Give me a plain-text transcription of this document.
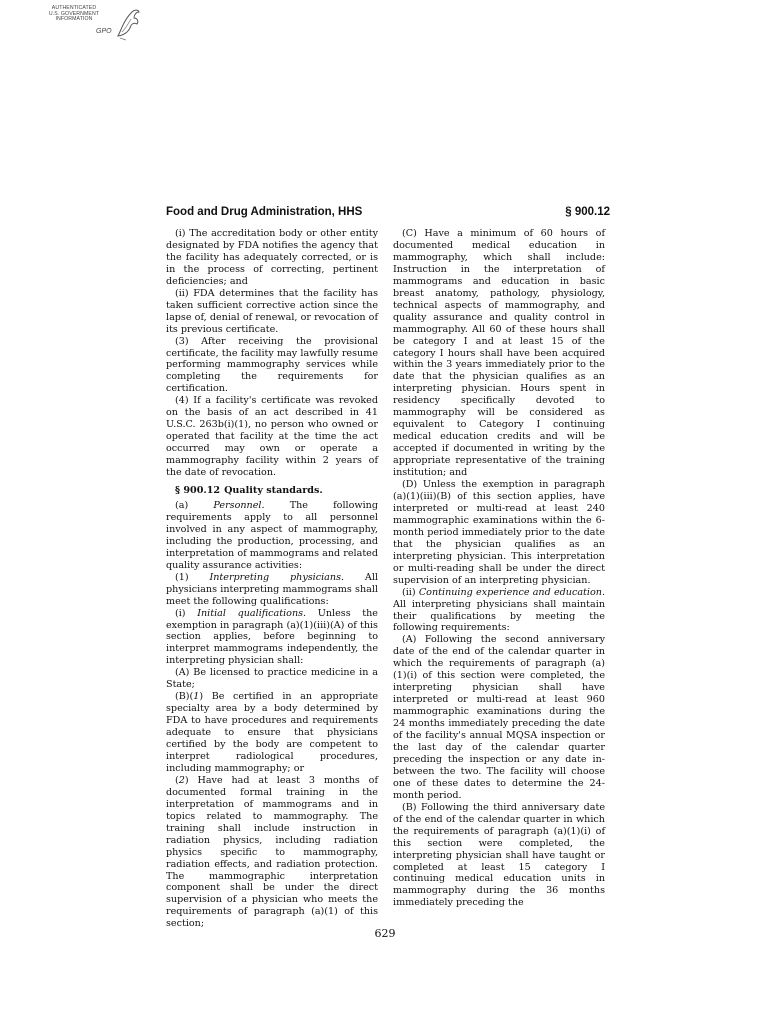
AUTHENTICATED
U.S. GOVERNMENT
INFORMATION
GPO
Food and Drug Administration, HHS	§ 900.12

(i) The accreditation body or other entity designated by FDA notifies the agency that the facility has adequately corrected, or is in the process of correcting, pertinent deficiencies; and

(ii) FDA determines that the facility has taken sufficient corrective action since the lapse of, denial of renewal, or revocation of its previous certificate.

(3) After receiving the provisional certificate, the facility may lawfully resume performing mammography services while completing the requirements for certification.

(4) If a facility's certificate was revoked on the basis of an act described in 41 U.S.C. 263b(i)(1), no person who owned or operated that facility at the time the act occurred may own or operate a mammography facility within 2 years of the date of revocation.

§ 900.12 Quality standards.

(a)	Personnel.	The following requirements apply to all personnel involved in any aspect of mammography, including the production, processing, and interpretation of mammograms and related quality assurance activities:

(1) Interpreting physicians. All physicians interpreting mammograms shall meet the following qualifications:

(i) Initial qualifications. Unless the exemption in paragraph (a)(1)(iii)(A) of this section applies, before beginning to interpret mammograms independently, the interpreting physician shall:

(A) Be licensed to practice medicine in a State;

(B)(1) Be certified in an appropriate specialty area by a body determined by FDA to have procedures and requirements adequate to ensure that physicians certified by the body are competent to interpret radiological procedures, including mammography; or

(2) Have had at least 3 months of documented formal training in the interpretation of mammograms and in topics related to mammography. The training shall include instruction in radiation physics, including radiation physics specific to mammography, radiation effects, and radiation protection. The mammographic interpretation component shall be under the direct supervision of a physician who meets the requirements of paragraph (a)(1) of this section;

(C) Have a minimum of 60 hours of documented medical education in mammography, which shall include: Instruction in the interpretation of mammograms and education in basic breast anatomy, pathology, physiology, technical aspects of mammography, and quality assurance and quality control in mammography. All 60 of these hours shall be category I and at least 15 of the category I hours shall have been acquired within the 3 years immediately prior to the date that the physician qualifies as an interpreting physician. Hours spent in residency specifically devoted to mammography will be considered as equivalent to Category I continuing medical education credits and will be accepted if documented in writing by the appropriate representative of the training institution; and

(D) Unless the exemption in paragraph (a)(1)(iii)(B) of this section applies, have interpreted or multi-read at least 240 mammographic examinations within the 6-month period immediately prior to the date that the physician qualifies as an interpreting physician. This interpretation or multi-reading shall be under the direct supervision of an interpreting physician.

(ii) Continuing experience and education. All interpreting physicians shall maintain their qualifications by meeting the following requirements:

(A) Following the second anniversary date of the end of the calendar quarter in which the requirements of paragraph (a)(1)(i) of this section were completed, the interpreting physician shall have interpreted or multi-read at least 960 mammographic examinations during the 24 months immediately preceding the date of the facility's annual MQSA inspection or the last day of the calendar quarter preceding the inspection or any date in-between the two. The facility will choose one of these dates to determine the 24-month period.

(B) Following the third anniversary date of the end of the calendar quarter in which the requirements of paragraph (a)(1)(i) of this section were completed, the interpreting physician shall have taught or completed at least 15 category I continuing medical education units in mammography during the 36 months immediately preceding the

629
